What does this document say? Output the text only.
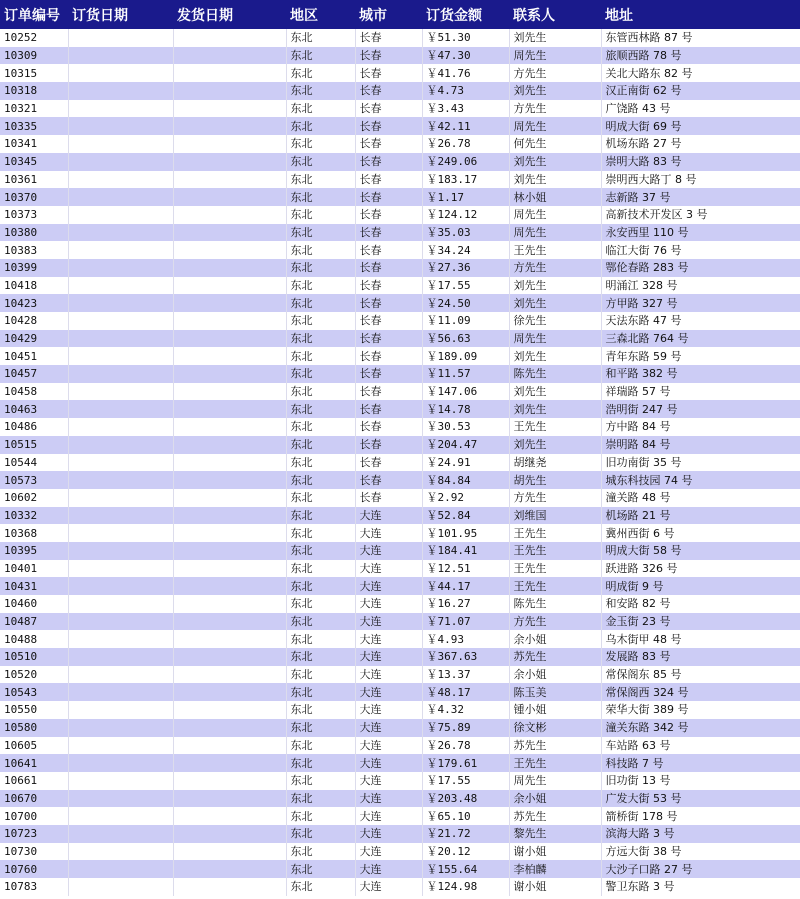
订单编号	订货日期	发货日期	地区	城市	订货金额	联系人	地址
10252			东北	长春	￥51.30	刘先生	东管西林路 87 号
10309			东北	长春	￥47.30	周先生	旅顺西路 78 号
10315			东北	长春	￥41.76	方先生	关北大路东 82 号
10318			东北	长春	￥4.73	刘先生	汉正南街 62 号
10321			东北	长春	￥3.43	方先生	广饶路 43 号
10335			东北	长春	￥42.11	周先生	明成大街 69 号
10341			东北	长春	￥26.78	何先生	机场东路 27 号
10345			东北	长春	￥249.06	刘先生	崇明大路 83 号
10361			东北	长春	￥183.17	刘先生	崇明西大路丁 8 号
10370			东北	长春	￥1.17	林小姐	志新路 37 号
10373			东北	长春	￥124.12	周先生	高新技术开发区 3 号
10380			东北	长春	￥35.03	周先生	永安西里 110 号
10383			东北	长春	￥34.24	王先生	临江大街 76 号
10399			东北	长春	￥27.36	方先生	鄂伦春路 283 号
10418			东北	长春	￥17.55	刘先生	明涌江 328 号
10423			东北	长春	￥24.50	刘先生	方甲路 327 号
10428			东北	长春	￥11.09	徐先生	天法东路 47 号
10429			东北	长春	￥56.63	周先生	三森北路 764 号
10451			东北	长春	￥189.09	刘先生	青年东路 59 号
10457			东北	长春	￥11.57	陈先生	和平路 382 号
10458			东北	长春	￥147.06	刘先生	祥瑞路 57 号
10463			东北	长春	￥14.78	刘先生	浩明街 247 号
10486			东北	长春	￥30.53	王先生	方中路 84 号
10515			东北	长春	￥204.47	刘先生	崇明路 84 号
10544			东北	长春	￥24.91	胡继尧	旧功南街 35 号
10573			东北	长春	￥84.84	胡先生	城东科技园 74 号
10602			东北	长春	￥2.92	方先生	潼关路 48 号
10332			东北	大连	￥52.84	刘维国	机场路 21 号
10368			东北	大连	￥101.95	王先生	冀州西街 6 号
10395			东北	大连	￥184.41	王先生	明成大街 58 号
10401			东北	大连	￥12.51	王先生	跃进路 326 号
10431			东北	大连	￥44.17	王先生	明成街 9 号
10460			东北	大连	￥16.27	陈先生	和安路 82 号
10487			东北	大连	￥71.07	方先生	金玉街 23 号
10488			东北	大连	￥4.93	余小姐	乌木街甲 48 号
10510			东北	大连	￥367.63	苏先生	发展路 83 号
10520			东北	大连	￥13.37	余小姐	常保阁东 85 号
10543			东北	大连	￥48.17	陈玉美	常保阁西 324 号
10550			东北	大连	￥4.32	锺小姐	荣华大街 389 号
10580			东北	大连	￥75.89	徐文彬	潼关东路 342 号
10605			东北	大连	￥26.78	苏先生	车站路 63 号
10641			东北	大连	￥179.61	王先生	科技路 7 号
10661			东北	大连	￥17.55	周先生	旧功街 13 号
10670			东北	大连	￥203.48	余小姐	广发大街 53 号
10700			东北	大连	￥65.10	苏先生	箭桥街 178 号
10723			东北	大连	￥21.72	黎先生	滨海大路 3 号
10730			东北	大连	￥20.12	谢小姐	方远大街 38 号
10760			东北	大连	￥155.64	李柏麟	大沙子口路 27 号
10783			东北	大连	￥124.98	谢小姐	警卫东路 3 号
